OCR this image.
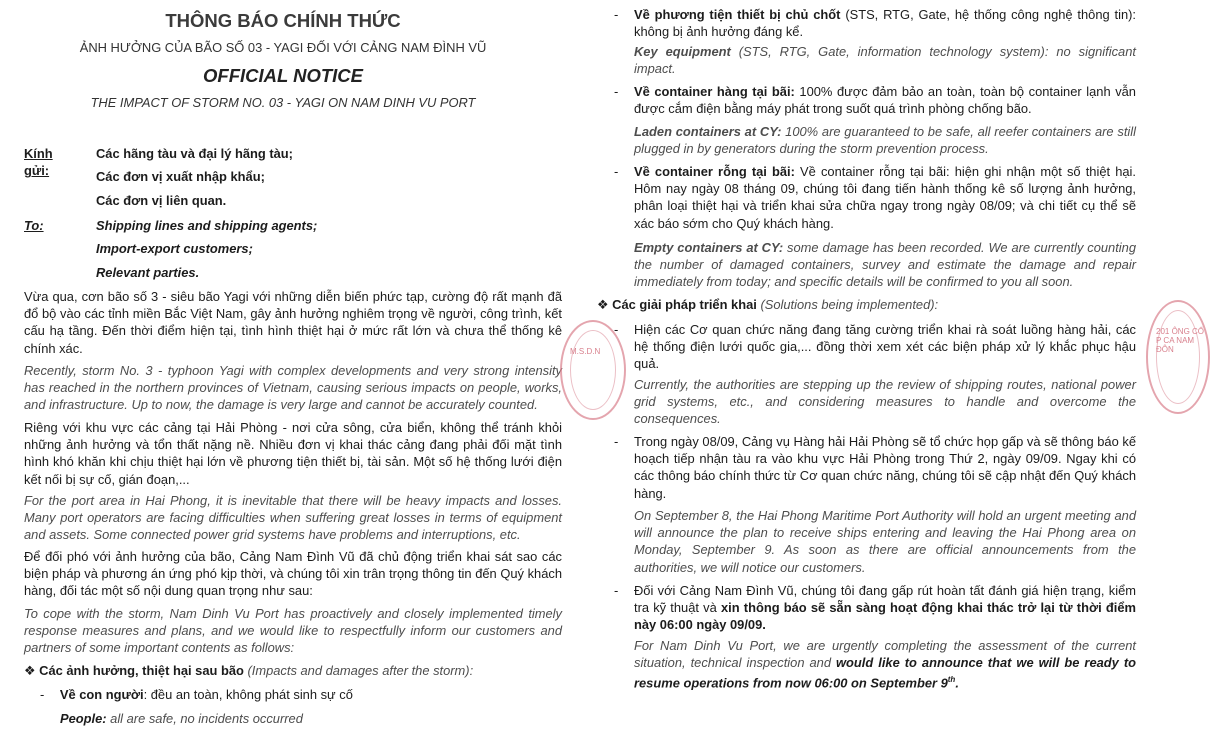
THÔNG BÁO CHÍNH THỨC
ẢNH HƯỞNG CỦA BÃO SỐ 03 - YAGI ĐỐI VỚI CẢNG NAM ĐÌNH VŨ
OFFICIAL NOTICE
THE IMPACT OF STORM NO. 03 - YAGI ON NAM DINH VU PORT
Kính gửi:
Các hãng tàu và đại lý hãng tàu;
Các đơn vị xuất nhập khẩu;
Các đơn vị liên quan.
To:	Shipping lines and shipping agents;
Import-export customers;
Relevant parties.

Vừa qua, cơn bão số 3 - siêu bão Yagi với những diễn biến phức tạp, cường độ rất mạnh đã đổ bộ vào các tỉnh miền Bắc Việt Nam, gây ảnh hưởng nghiêm trọng về người, công trình, kết cấu hạ tầng. Đến thời điểm hiện tại, tình hình thiệt hại ở mức rất lớn và chưa thể thống kê chính xác.

Recently, storm No. 3 - typhoon Yagi with complex developments and very strong intensity has reached in the northern provinces of Vietnam, causing serious impacts on people, works, and infrastructure. Up to now, the damage is very large and cannot be accurately counted.

Riêng với khu vực các cảng tại Hải Phòng - nơi cửa sông, cửa biển, không thể tránh khỏi những ảnh hưởng và tổn thất nặng nề. Nhiều đơn vị khai thác cảng đang phải đối mặt tình hình khó khăn khi chịu thiệt hại lớn về phương tiện thiết bị, tài sản. Một số hệ thống lưới điện kết nối bị sự cố, gián đoạn,...

For the port area in Hai Phong, it is inevitable that there will be heavy impacts and losses. Many port operators are facing difficulties when suffering great losses in terms of equipment and assets. Some connected power grid systems have problems and interruptions, etc.

Để đối phó với ảnh hưởng của bão, Cảng Nam Đình Vũ đã chủ động triển khai sát sao các biện pháp và phương án ứng phó kịp thời, và chúng tôi xin trân trọng thông tin đến Quý khách hàng, đối tác một số nội dung quan trọng như sau:

To cope with the storm, Nam Dinh Vu Port has proactively and closely implemented timely response measures and plans, and we would like to respectfully inform our customers and partners of some important contents as follows:

❖ Các ảnh hưởng, thiệt hại sau bão (Impacts and damages after the storm):
- Về con người: đều an toàn, không phát sinh sự cố
People: all are safe, no incidents occurred
M.S.D.N
201 ÔNG CỔ P CA NAM ĐÔN
- Về phương tiện thiết bị chủ chốt (STS, RTG, Gate, hệ thống công nghệ thông tin): không bị ảnh hưởng đáng kể.

Key equipment (STS, RTG, Gate, information technology system): no significant impact.

- Về container hàng tại bãi: 100% được đảm bảo an toàn, toàn bộ container lạnh vẫn được cắm điện bằng máy phát trong suốt quá trình phòng chống bão.

Laden containers at CY: 100% are guaranteed to be safe, all reefer containers are still plugged in by generators during the storm prevention process.

- Về container rỗng tại bãi: Về container rỗng tại bãi: hiện ghi nhận một số thiệt hại. Hôm nay ngày 08 tháng 09, chúng tôi đang tiến hành thống kê số lượng ảnh hưởng, phân loại thiệt hại và triển khai sửa chữa ngay trong ngày 08/09; và chi tiết cụ thể sẽ xác báo sớm cho Quý khách hàng.

Empty containers at CY: some damage has been recorded. We are currently counting the number of damaged containers, survey and estimate the damage and repair immediately from today; and specific details will be confirmed to you all soon.

❖ Các giải pháp triển khai (Solutions being implemented):
- Hiện các Cơ quan chức năng đang tăng cường triển khai rà soát luồng hàng hải, các hệ thống điện lưới quốc gia,... đồng thời xem xét các biện pháp xử lý khắc phục hậu quả.

Currently, the authorities are stepping up the review of shipping routes, national power grid systems, etc., and considering measures to handle and overcome the consequences.

- Trong ngày 08/09, Cảng vụ Hàng hải Hải Phòng sẽ tổ chức họp gấp và sẽ thông báo kế hoạch tiếp nhận tàu ra vào khu vực Hải Phòng trong Thứ 2, ngày 09/09. Ngay khi có các thông báo chính thức từ Cơ quan chức năng, chúng tôi sẽ cập nhật đến Quý khách hàng.

On September 8, the Hai Phong Maritime Port Authority will hold an urgent meeting and will announce the plan to receive ships entering and leaving the Hai Phong area on Monday, September 9. As soon as there are official announcements from the authorities, we will notice our customers.

- Đối với Cảng Nam Đình Vũ, chúng tôi đang gấp rút hoàn tất đánh giá hiện trạng, kiểm tra kỹ thuật và xin thông báo sẽ sẵn sàng hoạt động khai thác trở lại từ thời điểm này 06:00 ngày 09/09.

For Nam Dinh Vu Port, we are urgently completing the assessment of the current situation, technical inspection and would like to announce that we will be ready to resume operations from now 06:00 on September 9th.
